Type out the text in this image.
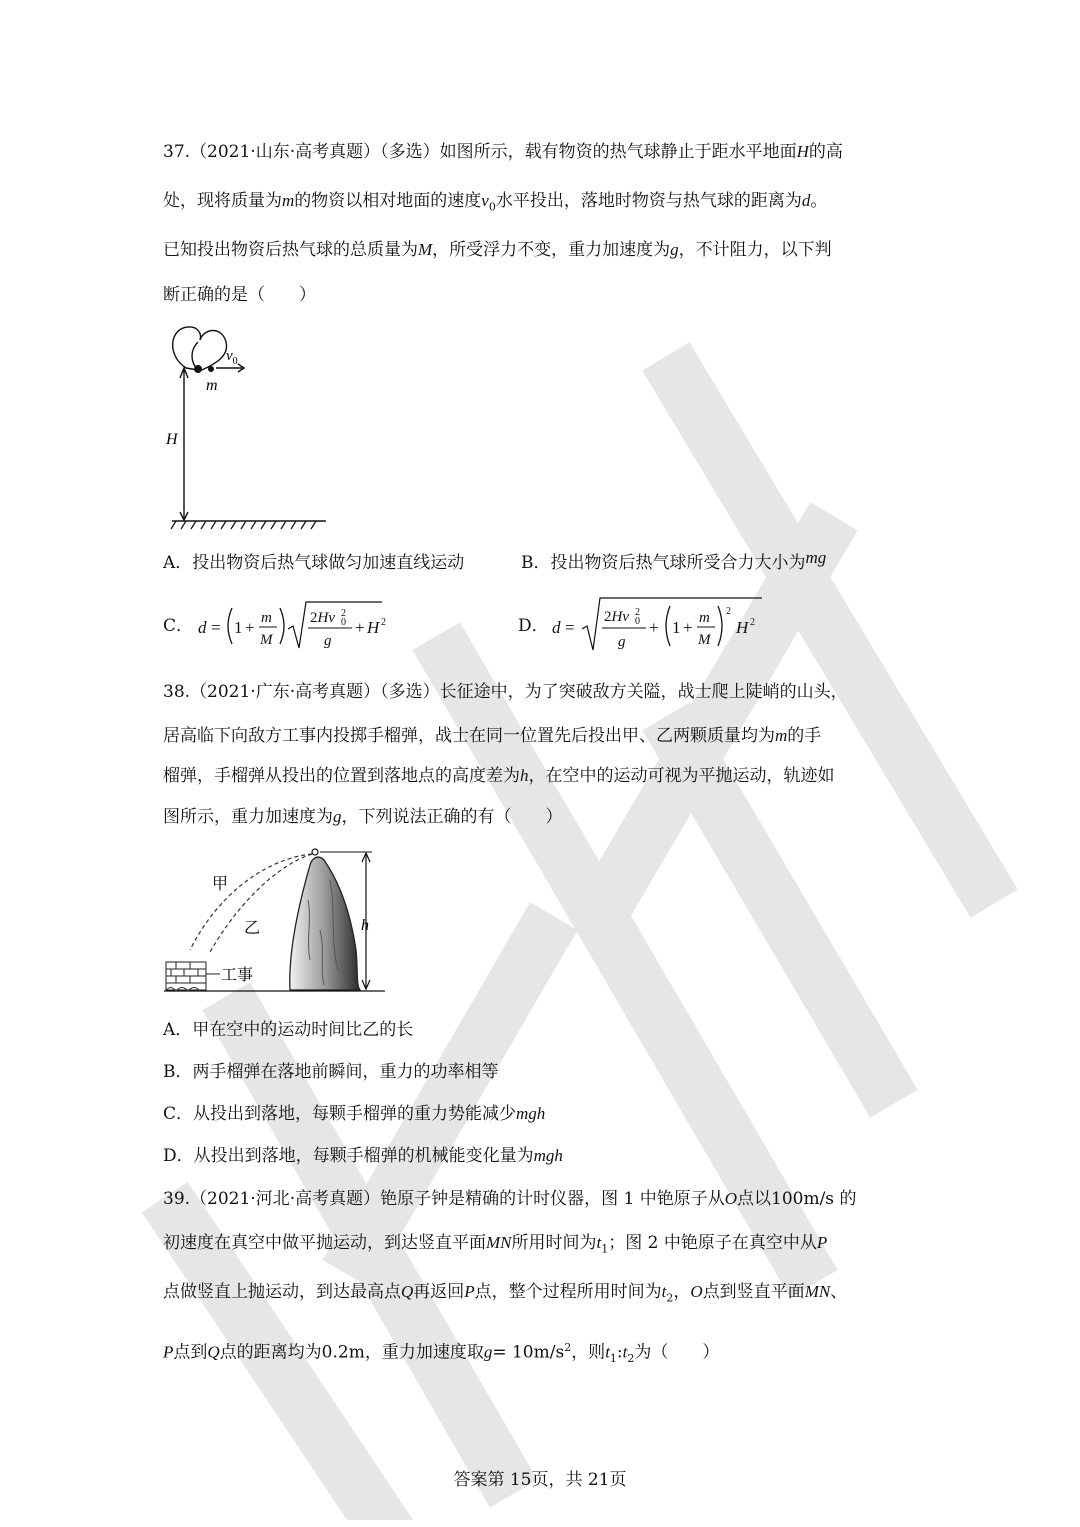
37.（2021·山东·高考真题）（多选）如图所示，载有物资的热气球静止于距水平地面H的高
处，现将质量为m的物资以相对地面的速度$v_0$水平投出，落地时物资与热气球的距离为d。
已知投出物资后热气球的总质量为M，所受浮力不变，重力加速度为g，不计阻力，以下判
断正确的是（　　）
$v_0$
m
H
A．投出物资后热气球做匀加速直线运动	B．投出物资后热气球所受合力大小为mg
C． d = 1 + m
M
2Hv 2
0
g
+ H 2	D． d =
2Hv 2
0
g
+ 1 + m
M
2
H 2
38.（2021·广东·高考真题）（多选）长征途中，为了突破敌方关隘，战士爬上陡峭的山头，
居高临下向敌方工事内投掷手榴弹，战士在同一位置先后投出甲、乙两颗质量均为m的手
榴弹，手榴弹从投出的位置到落地点的高度差为h，在空中的运动可视为平抛运动，轨迹如
图所示，重力加速度为g，下列说法正确的有（　　）
甲
乙	h
工事
A．甲在空中的运动时间比乙的长
B．两手榴弹在落地前瞬间，重力的功率相等
C．从投出到落地，每颗手榴弹的重力势能减少mgh
D．从投出到落地，每颗手榴弹的机械能变化量为mgh
39.（2021·河北·高考真题）铯原子钟是精确的计时仪器，图 1 中铯原子从O点以100m/s 的
初速度在真空中做平抛运动，到达竖直平面MN所用时间为$t_1$；图 2 中铯原子在真空中从P
点做竖直上抛运动，到达最高点Q再返回P点，整个过程所用时间为$t_2$，O点到竖直平面MN、
P点到Q点的距离均为0.2m，重力加速度取$g= 10m/s^2$，则$t_1:t_2$为（　　）
答案第 15页，共 21页
